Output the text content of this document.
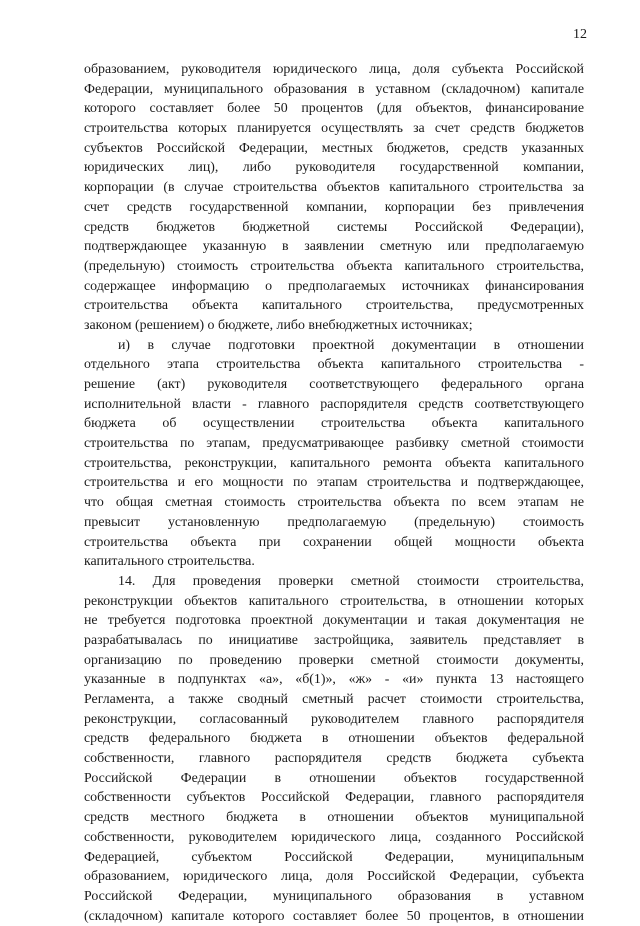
12
образованием, руководителя юридического лица, доля субъекта Российской
Федерации, муниципального образования в уставном (складочном) капитале
которого составляет более 50 процентов (для объектов, финансирование
строительства которых планируется осуществлять за счет средств бюджетов
субъектов Российской Федерации, местных бюджетов, средств указанных
юридических лиц), либо руководителя государственной компании,
корпорации (в случае строительства объектов капитального строительства за
счет средств государственной компании, корпорации без привлечения
средств бюджетов бюджетной системы Российской Федерации),
подтверждающее указанную в заявлении сметную или предполагаемую
(предельную) стоимость строительства объекта капитального строительства,
содержащее информацию о предполагаемых источниках финансирования
строительства объекта капитального строительства, предусмотренных
законом (решением) о бюджете, либо внебюджетных источниках;
и) в случае подготовки проектной документации в отношении
отдельного этапа строительства объекта капитального строительства -
решение (акт) руководителя соответствующего федерального органа
исполнительной власти - главного распорядителя средств соответствующего
бюджета об осуществлении строительства объекта капитального
строительства по этапам, предусматривающее разбивку сметной стоимости
строительства, реконструкции, капитального ремонта объекта капитального
строительства и его мощности по этапам строительства и подтверждающее,
что общая сметная стоимость строительства объекта по всем этапам не
превысит установленную предполагаемую (предельную) стоимость
строительства объекта при сохранении общей мощности объекта
капитального строительства.
14. Для проведения проверки сметной стоимости строительства,
реконструкции объектов капитального строительства, в отношении которых
не требуется подготовка проектной документации и такая документация не
разрабатывалась по инициативе застройщика, заявитель представляет в
организацию по проведению проверки сметной стоимости документы,
указанные в подпунктах «а», «б(1)», «ж» - «и» пункта 13 настоящего
Регламента, а также сводный сметный расчет стоимости строительства,
реконструкции, согласованный руководителем главного распорядителя
средств федерального бюджета в отношении объектов федеральной
собственности, главного распорядителя средств бюджета субъекта
Российской Федерации в отношении объектов государственной
собственности субъектов Российской Федерации, главного распорядителя
средств местного бюджета в отношении объектов муниципальной
собственности, руководителем юридического лица, созданного Российской
Федерацией, субъектом Российской Федерации, муниципальным
образованием, юридического лица, доля Российской Федерации, субъекта
Российской Федерации, муниципального образования в уставном
(складочном) капитале которого составляет более 50 процентов, в отношении
